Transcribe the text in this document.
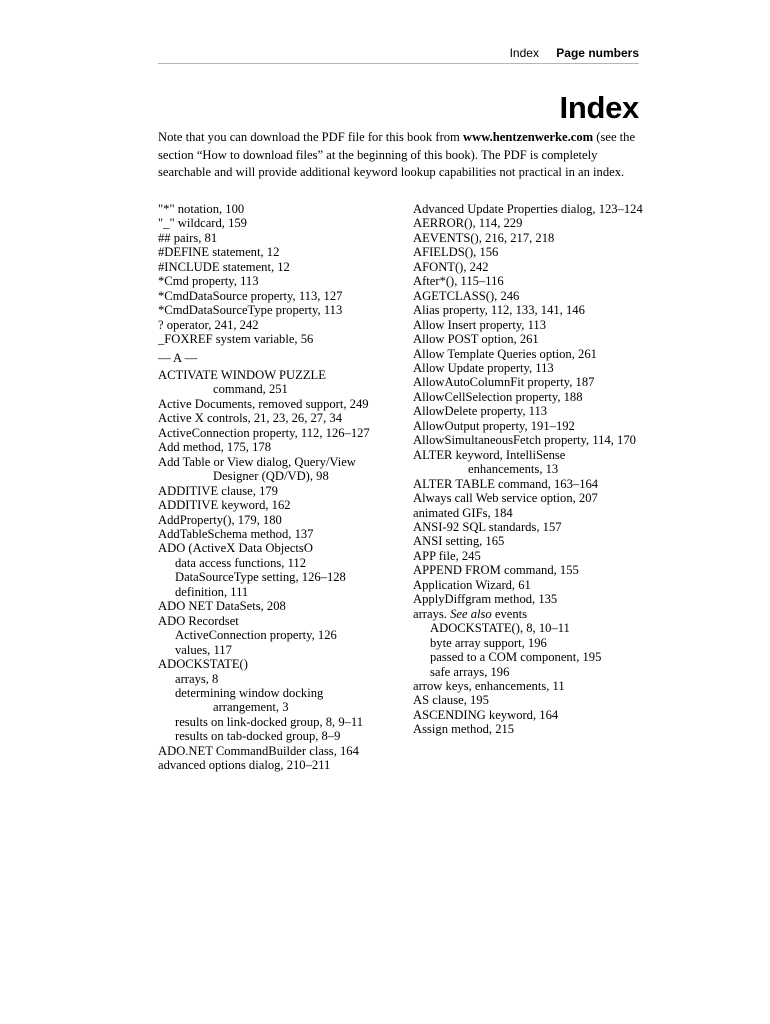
Index Page numbers
Index

Note that you can download the PDF file for this book from www.hentzenwerke.com (see the section “How to download files” at the beginning of this book). The PDF is completely searchable and will provide additional keyword lookup capabilities not practical in an index.

"*" notation, 100
"_" wildcard, 159
## pairs, 81
#DEFINE statement, 12
#INCLUDE statement, 12
*Cmd property, 113
*CmdDataSource property, 113, 127
*CmdDataSourceType property, 113
? operator, 241, 242
_FOXREF system variable, 56
— A —
ACTIVATE WINDOW PUZZLE
command, 251
Active Documents, removed support, 249
Active X controls, 21, 23, 26, 27, 34
ActiveConnection property, 112, 126–127
Add method, 175, 178
Add Table or View dialog, Query/View
Designer (QD/VD), 98
ADDITIVE clause, 179
ADDITIVE keyword, 162
AddProperty(), 179, 180
AddTableSchema method, 137
ADO (ActiveX Data ObjectsO
data access functions, 112
DataSourceType setting, 126–128
definition, 111
ADO NET DataSets, 208
ADO Recordset
ActiveConnection property, 126
values, 117
ADOCKSTATE()
arrays, 8
determining window docking
arrangement, 3
results on link-docked group, 8, 9–11
results on tab-docked group, 8–9
ADO.NET CommandBuilder class, 164
advanced options dialog, 210–211
Advanced Update Properties dialog, 123–124
AERROR(), 114, 229
AEVENTS(), 216, 217, 218
AFIELDS(), 156
AFONT(), 242
After*(), 115–116
AGETCLASS(), 246
Alias property, 112, 133, 141, 146
Allow Insert property, 113
Allow POST option, 261
Allow Template Queries option, 261
Allow Update property, 113
AllowAutoColumnFit property, 187
AllowCellSelection property, 188
AllowDelete property, 113
AllowOutput property, 191–192
AllowSimultaneousFetch property, 114, 170
ALTER keyword, IntelliSense
enhancements, 13
ALTER TABLE command, 163–164
Always call Web service option, 207
animated GIFs, 184
ANSI-92 SQL standards, 157
ANSI setting, 165
APP file, 245
APPEND FROM command, 155
Application Wizard, 61
ApplyDiffgram method, 135
arrays. See also events
ADOCKSTATE(), 8, 10–11
byte array support, 196
passed to a COM component, 195
safe arrays, 196
arrow keys, enhancements, 11
AS clause, 195
ASCENDING keyword, 164
Assign method, 215
